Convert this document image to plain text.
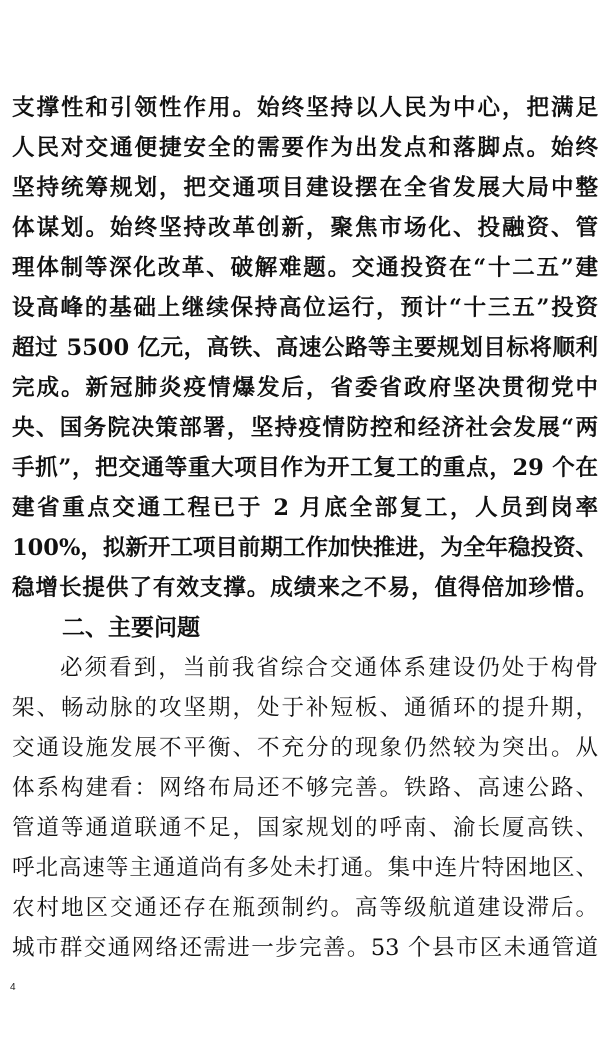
支撑性和引领性作用。始终坚持以人民为中心，把满足
人民对交通便捷安全的需要作为出发点和落脚点。始终
坚持统筹规划，把交通项目建设摆在全省发展大局中整
体谋划。始终坚持改革创新，聚焦市场化、投融资、管
理体制等深化改革、破解难题。交通投资在“十二五”建
设高峰的基础上继续保持高位运行，预计“十三五”投资
超过 5500 亿元，高铁、高速公路等主要规划目标将顺利
完成。新冠肺炎疫情爆发后，省委省政府坚决贯彻党中
央、国务院决策部署，坚持疫情防控和经济社会发展“两
手抓”，把交通等重大项目作为开工复工的重点，29 个在
建省重点交通工程已于 2 月底全部复工，人员到岗率
100%，拟新开工项目前期工作加快推进，为全年稳投资、
稳增长提供了有效支撑。成绩来之不易，值得倍加珍惜。
二、主要问题
必须看到，当前我省综合交通体系建设仍处于构骨
架、畅动脉的攻坚期，处于补短板、通循环的提升期，
交通设施发展不平衡、不充分的现象仍然较为突出。从
体系构建看：网络布局还不够完善。铁路、高速公路、
管道等通道联通不足，国家规划的呼南、渝长厦高铁、
呼北高速等主通道尚有多处未打通。集中连片特困地区、
农村地区交通还存在瓶颈制约。高等级航道建设滞后。
城市群交通网络还需进一步完善。53 个县市区未通管道
4
